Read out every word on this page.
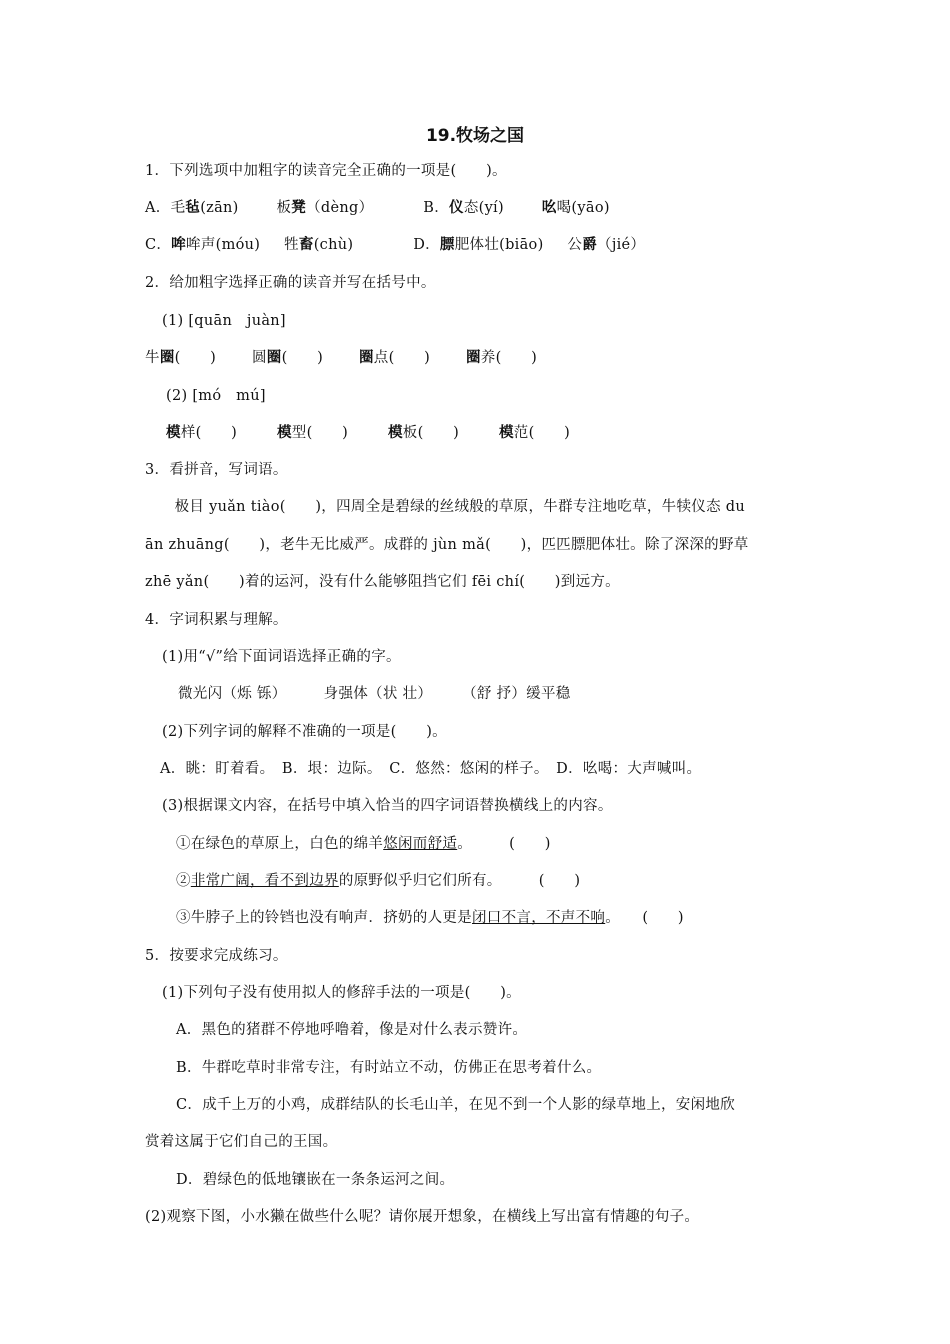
19.牧场之国
1．下列选项中加粗字的读音完全正确的一项是(　　)。
A．毛毡(zān)	板凳（dèng）	B．仪态(yí)	吆喝(yāo)
C．哞哞声(móu) 牲畜(chù)	D．膘肥体壮(biāo) 公爵（jié）
2．给加粗字选择正确的读音并写在括号中。
(1) [quān　juàn]
牛圈(　　) 圆圈(　　) 圈点(　　) 圈养(　　)
(2) [mó　mú]
模样(　　)	模型(　　)	模板(　　)	模范(　　)
3．看拼音，写词语。
　　极目 yuǎn tiào(　　)，四周全是碧绿的丝绒般的草原，牛群专注地吃草，牛犊仪态 du
ān zhuāng(　　)，老牛无比威严。成群的 jùn mǎ(　　)，匹匹膘肥体壮。除了深深的野草
zhē yǎn(　　)着的运河，没有什么能够阻挡它们 fēi chí(　　)到远方。
4．字词积累与理解。
(1)用“√”给下面词语选择正确的字。
微光闪（烁 铄）　　　身强体（状 壮）　　　（舒 抒）缓平稳
(2)下列字词的解释不准确的一项是(　　)。
A．眺：盯着看。　B．垠：边际。　C．悠然：悠闲的样子。　D．吆喝：大声喊叫。
(3)根据课文内容，在括号中填入恰当的四字词语替换横线上的内容。
①在绿色的草原上，白色的绵羊悠闲而舒适。　　　(　　)
②非常广阔，看不到边界的原野似乎归它们所有。　　　(　　)
③牛脖子上的铃铛也没有响声．挤奶的人更是闭口不言，不声不响。　　(　　)
5．按要求完成练习。
(1)下列句子没有使用拟人的修辞手法的一项是(　　)。
A．黑色的猪群不停地呼噜着，像是对什么表示赞许。
B．牛群吃草时非常专注，有时站立不动，仿佛正在思考着什么。
C．成千上万的小鸡，成群结队的长毛山羊，在见不到一个人影的绿草地上，安闲地欣
赏着这属于它们自己的王国。
D．碧绿色的低地镶嵌在一条条运河之间。
(2)观察下图，小水獭在做些什么呢？请你展开想象，在横线上写出富有情趣的句子。
